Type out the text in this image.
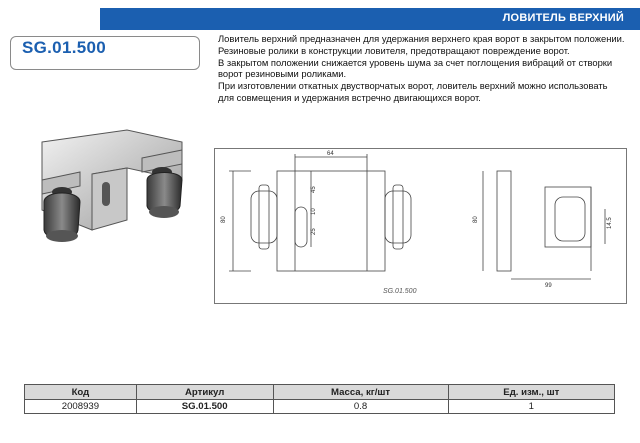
ЛОВИТЕЛЬ ВЕРХНИЙ
SG.01.500	Ловитель верхний предназначен для удержания верхнего края ворот в закрытом положении.

Резиновые ролики в конструкции ловителя, предотвращают повреждение ворот.

В закрытом положении снижается уровень шума за счет поглощения вибраций от створки ворот резиновыми роликами.

При изготовлении откатных двустворчатых ворот, ловитель верхний можно использовать для совмещения и удержания встречно двигающихся ворот.

64
80
45
10
25
80
99
14.5
SG.01.500
Код	Артикул	Масса, кг/шт	Ед. изм., шт
2008939	SG.01.500	0.8	1
